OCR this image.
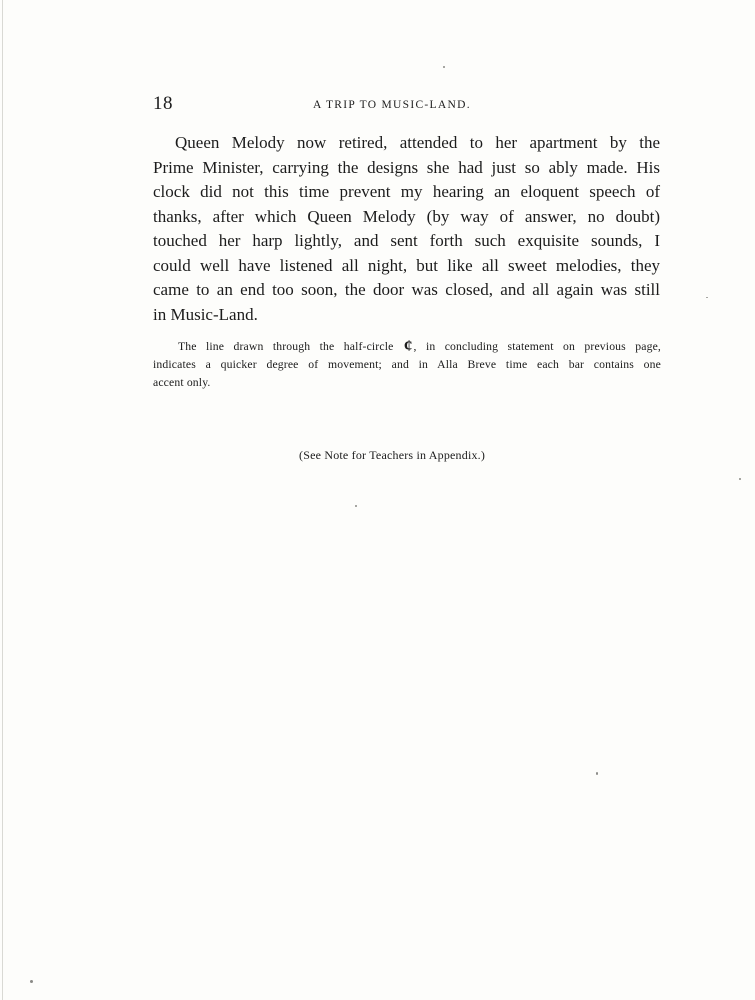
18	A TRIP TO MUSIC-LAND.

Queen Melody now retired, attended to her apartment by the
Prime Minister, carrying the designs she had just so ably made. His
clock did not this time prevent my hearing an eloquent speech of
thanks, after which Queen Melody (by way of answer, no doubt)
touched her harp lightly, and sent forth such exquisite sounds, I
could well have listened all night, but like all sweet melodies, they
came to an end too soon, the door was closed, and all again was still
in Music-Land.
The line drawn through the half-circle ¢, in concluding statement on previous page,
indicates a quicker degree of movement; and in Alla Breve time each bar contains one
accent only.

(See Note for Teachers in Appendix.)
